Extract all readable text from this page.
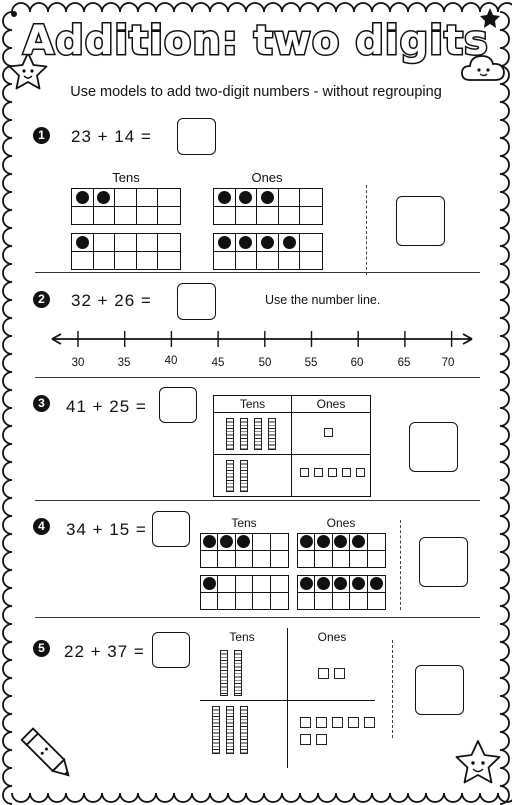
Addition: two digits
Use models to add two-digit numbers - without regrouping
1	23 + 14 =
Tens	Ones
2	32 + 26 =	Use the number line.
30	35	40	45	50	55	60	65	70
3	41 + 25 =	Tens	Ones
4	34 + 15 =	Tens	Ones
5	22 + 37 =
Tens	Ones
